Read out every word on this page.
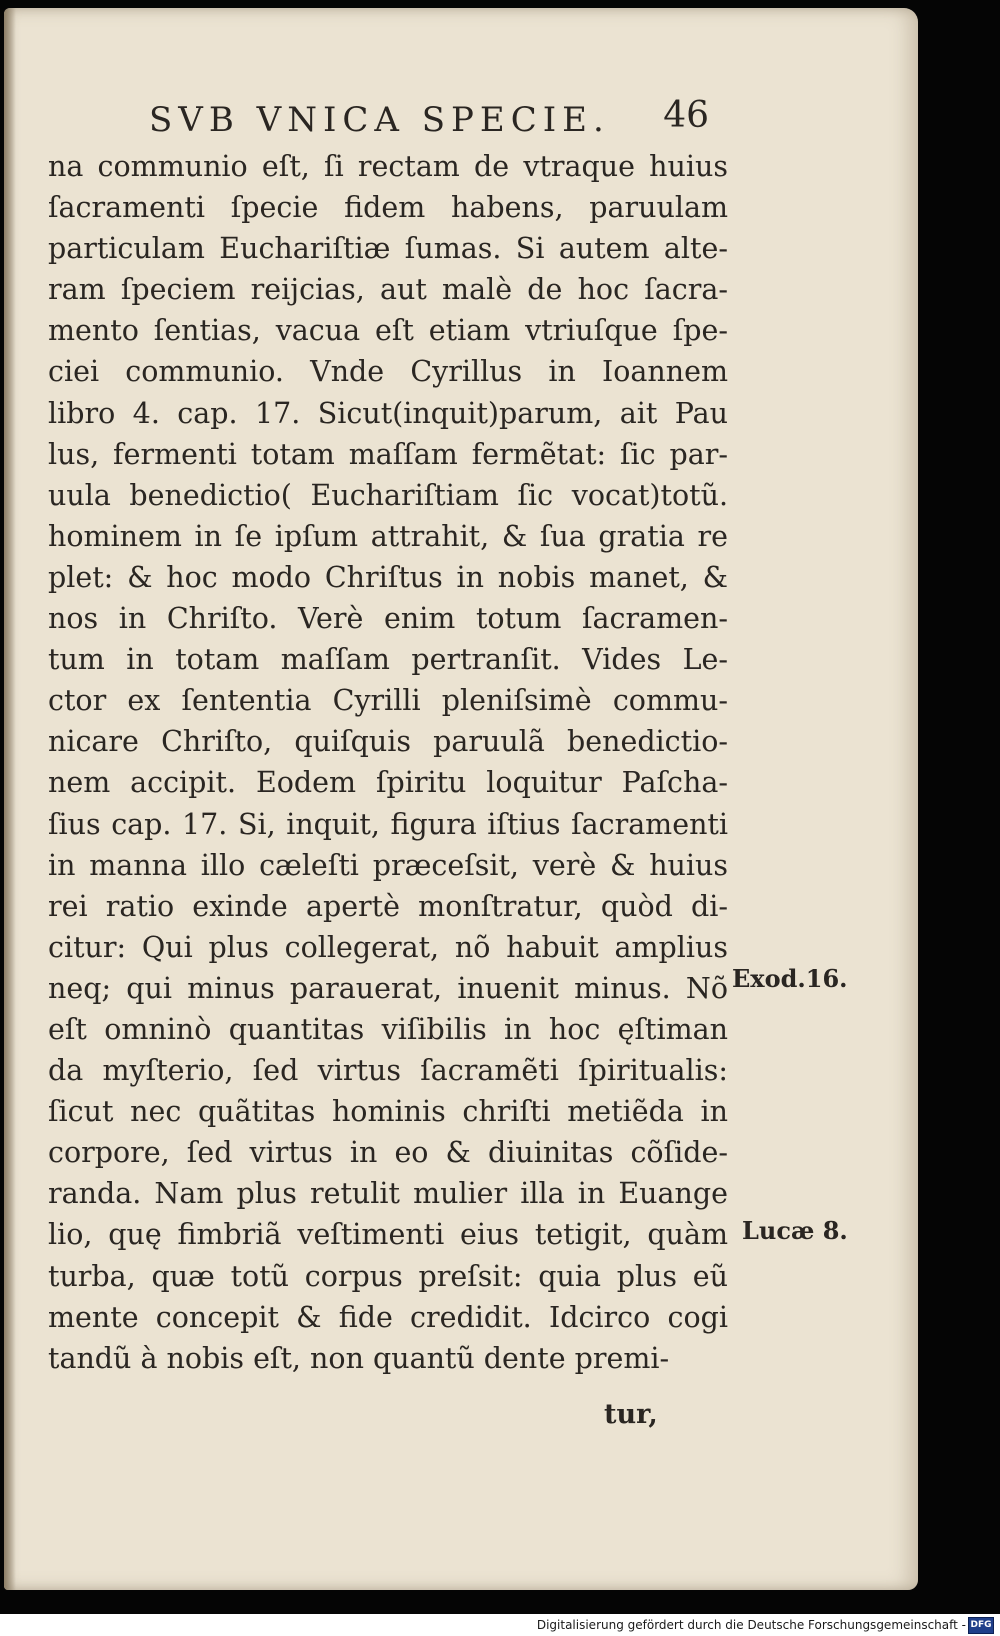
SVB VNICA SPECIE. 46
na communio eſt, ſi rectam de vtraque huius
ſacramenti ſpecie fidem habens, paruulam
particulam Euchariſtiæ ſumas. Si autem alte-
ram ſpeciem reijcias, aut malè de hoc ſacra-
mento ſentias, vacua eſt etiam vtriuſque ſpe-
ciei communio. Vnde Cyrillus in Ioannem
libro 4. cap. 17. Sicut(inquit)parum, ait Pau
lus, fermenti totam maſſam fermẽtat: ſic par-
uula benedictio( Euchariſtiam ſic vocat)totũ.
hominem in ſe ipſum attrahit, & ſua gratia re
plet: & hoc modo Chriſtus in nobis manet, &
nos in Chriſto. Verè enim totum ſacramen-
tum in totam maſſam pertranſit. Vides Le-
ctor ex ſententia Cyrilli pleniſsimè commu-
nicare Chriſto, quiſquis paruulã benedictio-
nem accipit. Eodem ſpiritu loquitur Paſcha-
ſius cap. 17. Si, inquit, figura iſtius ſacramenti
in manna illo cæleſti præceſsit, verè & huius
rei ratio exinde apertè monſtratur, quòd di-
citur: Qui plus collegerat, nõ habuit amplius
neq; qui minus parauerat, inuenit minus. Nõ
eſt omninò quantitas viſibilis in hoc ęſtiman
da myſterio, ſed virtus ſacramẽti ſpiritualis:
ſicut nec quãtitas hominis chriſti metiẽda in
corpore, ſed virtus in eo & diuinitas cõſide-
randa. Nam plus retulit mulier illa in Euange
lio, quę fimbriã veſtimenti eius tetigit, quàm
turba, quæ totũ corpus preſsit: quia plus eũ
mente concepit & fide credidit. Idcirco cogi
tandũ à nobis eſt, non quantũ dente premi-
Exod.16.
Lucæ 8.
tur,
Digitalisierung gefördert durch die Deutsche Forschungsgemeinschaft - DFG
